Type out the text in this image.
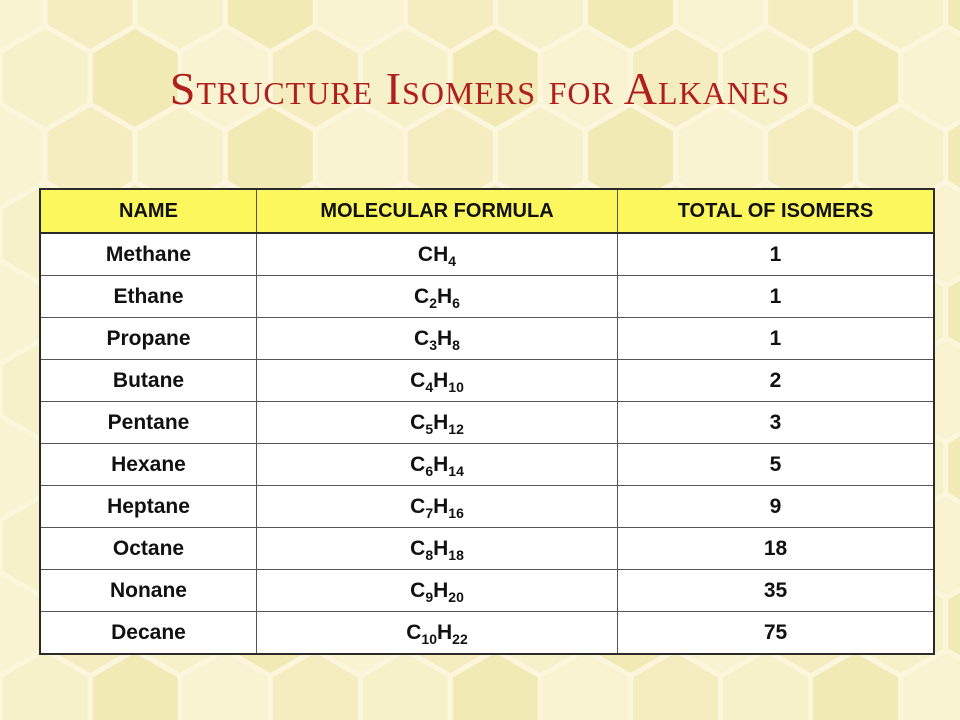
Structure Isomers for Alkanes
NAME	MOLECULAR FORMULA	TOTAL OF ISOMERS
Methane	$CH_4$	1
Ethane	$C_2H_6$	1
Propane	$C_3H_8$	1
Butane	$C_4H_{10}$	2
Pentane	$C_5H_{12}$	3
Hexane	$C_6H_{14}$	5
Heptane	$C_7H_{16}$	9
Octane	$C_8H_{18}$	18
Nonane	$C_9H_{20}$	35
Decane	$C_{10}H_{22}$	75
